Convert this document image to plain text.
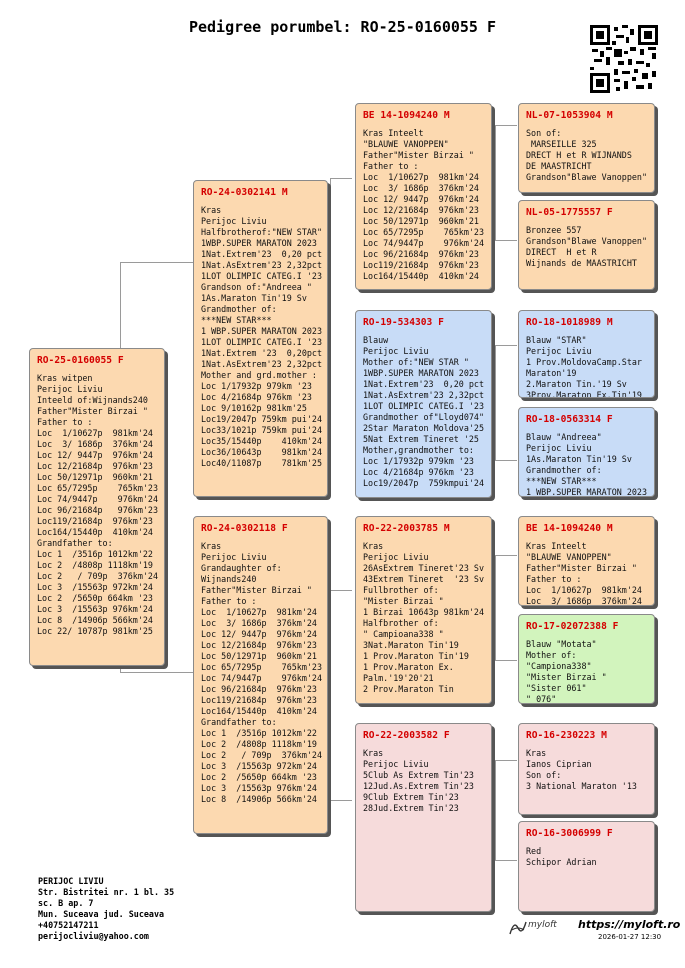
Pedigree porumbel: RO-25-0160055 F
RO-25-0160055 F
Kras witpen
Perijoc Liviu
Inteeld of:Wijnands240
Father"Mister Birzai "
Father to :
Loc  1/10627p  981km'24
Loc  3/ 1686p  376km'24
Loc 12/ 9447p  976km'24
Loc 12/21684p  976km'23
Loc 50/12971p  960km'21
Loc 65/7295p    765km'23
Loc 74/9447p    976km'24
Loc 96/21684p   976km'23
Loc119/21684p  976km'23
Loc164/15440p  410km'24
Grandfather to:
Loc 1  /3516p 1012km'22
Loc 2  /4808p 1118km'19
Loc 2   / 709p  376km'24
Loc 3  /15563p 972km'24
Loc 2  /5650p 664km '23
Loc 3  /15563p 976km'24
Loc 8  /14906p 566km'24
Loc 22/ 10787p 981km'25
RO-24-0302141 M
Kras
Perijoc Liviu
Halfbrotherof:"NEW STAR"
1WBP.SUPER MARATON 2023
1Nat.Extrem'23  0,20 pct
1Nat.AsExtrem'23 2,32pct
1LOT OLIMPIC CATEG.I '23
Grandson of:"Andreea "
1As.Maraton Tin'19 Sv
Grandmother of:
***NEW STAR***
1 WBP.SUPER MARATON 2023
1LOT OLIMPIC CATEG.I '23
1Nat.Extrem '23  0,20pct
1Nat.AsExtrem'23 2,32pct
Mother and grd.mother :
Loc 1/17932p 979km '23
Loc 4/21684p 976km '23
Loc 9/10162p 981km'25
Loc19/2047p 759km pui'24
Loc33/1021p 759km pui'24
Loc35/15440p    410km'24
Loc36/10643p    981km'24
Loc40/11087p    781km'25
RO-24-0302118 F
Kras
Perijoc Liviu
Grandaughter of:
Wijnands240
Father"Mister Birzai "
Father to :
Loc  1/10627p  981km'24
Loc  3/ 1686p  376km'24
Loc 12/ 9447p  976km'24
Loc 12/21684p  976km'23
Loc 50/12971p  960km'21
Loc 65/7295p    765km'23
Loc 74/9447p    976km'24
Loc 96/21684p  976km'23
Loc119/21684p  976km'23
Loc164/15440p  410km'24
Grandfather to:
Loc 1  /3516p 1012km'22
Loc 2  /4808p 1118km'19
Loc 2   / 709p  376km'24
Loc 3  /15563p 972km'24
Loc 2  /5650p 664km '23
Loc 3  /15563p 976km'24
Loc 8  /14906p 566km'24
BE 14-1094240 M
Kras Inteelt
"BLAUWE VANOPPEN"
Father"Mister Birzai "
Father to :
Loc  1/10627p  981km'24
Loc  3/ 1686p  376km'24
Loc 12/ 9447p  976km'24
Loc 12/21684p  976km'23
Loc 50/12971p  960km'21
Loc 65/7295p    765km'23
Loc 74/9447p    976km'24
Loc 96/21684p  976km'23
Loc119/21684p  976km'23
Loc164/15440p  410km'24
RO-19-534303 F
Blauw
Perijoc Liviu
Mother of:"NEW STAR "
1WBP.SUPER MARATON 2023
1Nat.Extrem'23  0,20 pct
1Nat.AsExtrem'23 2,32pct
1LOT OLIMPIC CATEG.I '23
Grandmother of"Lloyd074"
2Star Maraton Moldova'25
5Nat Extrem Tineret '25
Mother,grandmother to:
Loc 1/17932p 979km '23
Loc 4/21684p 976km '23
Loc19/2047p  759kmpui'24
RO-22-2003785 M
Kras
Perijoc Liviu
26AsExtrem Tineret'23 Sv
43Extrem Tineret  '23 Sv
Fullbrother of:
"Mister Birzai "
1 Birzai 10643p 981km'24
Halfbrother of:
" Campioana338 "
3Nat.Maraton Tin'19
1 Prov.Maraton Tin'19
1 Prov.Maraton Ex.
Palm.'19'20'21
2 Prov.Maraton Tin
RO-22-2003582 F
Kras
Perijoc Liviu
5Club As Extrem Tin'23
12Jud.As.Extrem Tin'23
9Club Extrem Tin'23
28Jud.Extrem Tin'23
NL-07-1053904 M
Son of:
MARSEILLE 325
DRECT H et R WIJNANDS
DE MAASTRICHT
Grandson"Blawe Vanoppen"
NL-05-1775557 F
Bronzee 557
Grandson"Blawe Vanoppen"
DIRECT  H et R
Wijnands de MAASTRICHT
RO-18-1018989 M
Blauw "STAR"
Perijoc Liviu
1 Prov.MoldovaCamp.Star
Maraton'19
2.Maraton Tin.'19 Sv
3Prov.Maraton Ex.Tin'19
RO-18-0563314 F
Blauw "Andreea"
Perijoc Liviu
1As.Maraton Tin'19 Sv
Grandmother of:
***NEW STAR***
1 WBP.SUPER MARATON 2023
BE 14-1094240 M
Kras Inteelt
"BLAUWE VANOPPEN"
Father"Mister Birzai "
Father to :
Loc  1/10627p  981km'24
Loc  3/ 1686p  376km'24
RO-17-02072388 F
Blauw "Motata"
Mother of:
"Campiona338"
"Mister Birzai "
"Sister 061"
" 076"
RO-16-230223 M
Kras
Ianos Ciprian
Son of:
3 National Maraton '13
RO-16-3006999 F
Red
Schipor Adrian
PERIJOC LIVIU
Str. Bistritei nr. 1 bl. 35
sc. B ap. 7
Mun. Suceava jud. Suceava
+40752147211
perijocliviu@yahoo.com
myloft https://myloft.ro
2026-01-27 12:30
